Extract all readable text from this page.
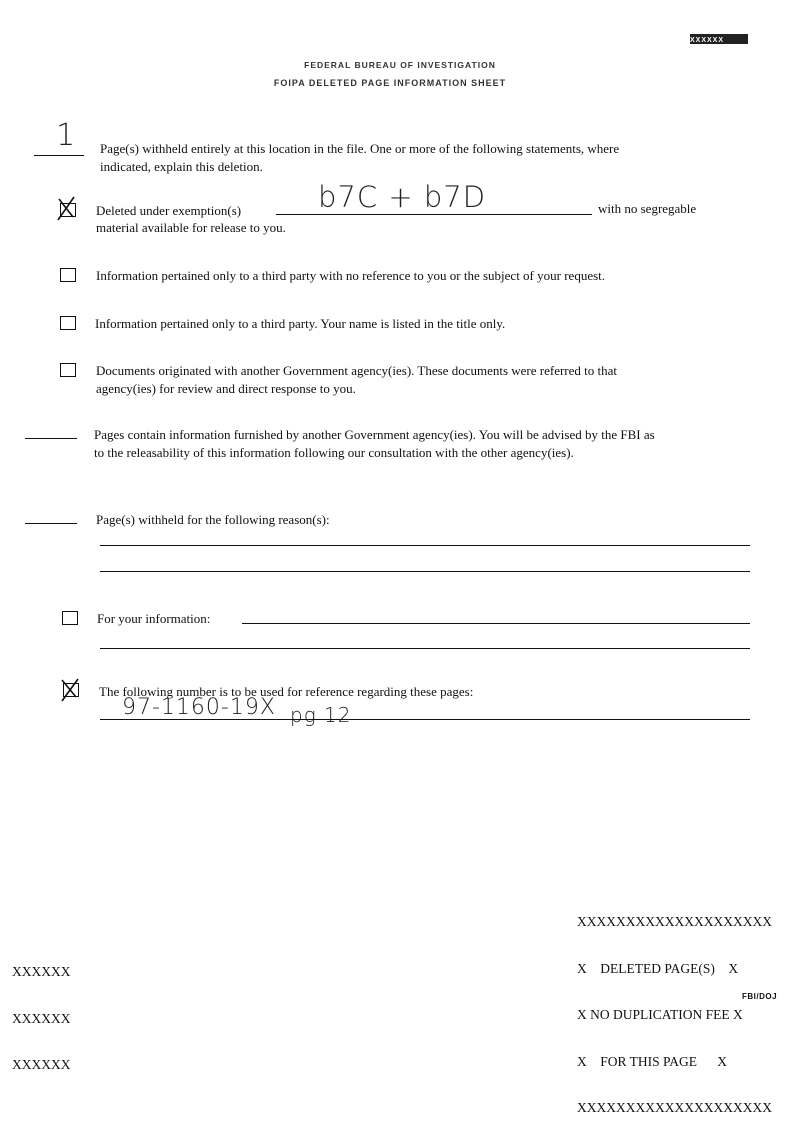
XXXXXX
FEDERAL BUREAU OF INVESTIGATION
FOIPA DELETED PAGE INFORMATION SHEET
1 Page(s) withheld entirely at this location in the file. One or more of the following statements, where
indicated, explain this deletion.
Deleted under exemption(s)	b7C + b7D	with no segregable
material available for release to you.
Information pertained only to a third party with no reference to you or the subject of your request.
Information pertained only to a third party. Your name is listed in the title only.
Documents originated with another Government agency(ies). These documents were referred to that
agency(ies) for review and direct response to you.
Pages contain information furnished by another Government agency(ies). You will be advised by the FBI as
to the releasability of this information following our consultation with the other agency(ies).
Page(s) withheld for the following reason(s):
For your information:
The following number is to be used for reference regarding these pages:
97-1160-19X pg 12

XXXXXXXXXXXXXXXXXXXX

X    DELETED PAGE(S)    X

X NO DUPLICATION FEE X

X    FOR THIS PAGE      X

XXXXXXXXXXXXXXXXXXXX

XXXXXX

XXXXXX

XXXXXX

FBI/DOJ
